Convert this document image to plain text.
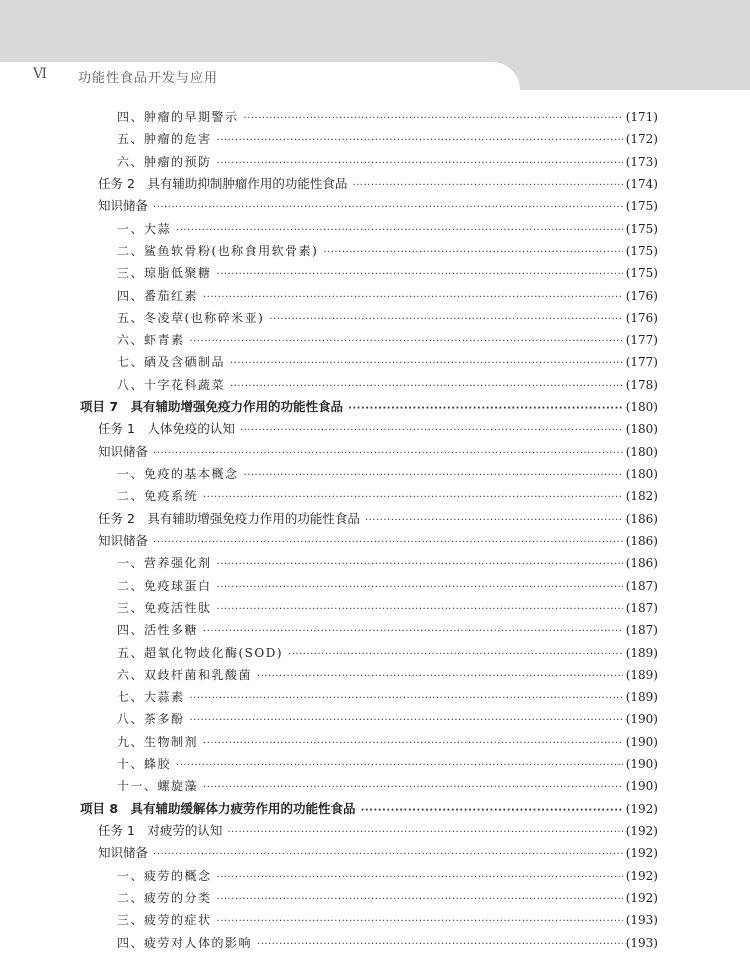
Ⅵ 功能性食品开发与应用
四、肿瘤的早期警示 ·····	(171)
五、肿瘤的危害 ·····	(172)
六、肿瘤的预防 ·····	(173)
任务 2　具有辅助抑制肿瘤作用的功能性食品 ·····	(174)
知识储备 ·····	(175)
一、大蒜 ·····	(175)
二、鲨鱼软骨粉(也称食用软骨素) ·····	(175)
三、琼脂低聚糖 ·····	(175)
四、番茄红素 ·····	(176)
五、冬凌草(也称碎米亚) ·····	(176)
六、虾青素 ·····	(177)
七、硒及含硒制品 ·····	(177)
八、十字花科蔬菜 ·····	(178)
项目 7　具有辅助增强免疫力作用的功能性食品 ·····	(180)
任务 1　人体免疫的认知 ·····	(180)
知识储备 ·····	(180)
一、免疫的基本概念 ·····	(180)
二、免疫系统 ·····	(182)
任务 2　具有辅助增强免疫力作用的功能性食品 ·····	(186)
知识储备 ·····	(186)
一、营养强化剂 ·····	(186)
二、免疫球蛋白 ·····	(187)
三、免疫活性肽 ·····	(187)
四、活性多糖 ·····	(187)
五、超氧化物歧化酶(SOD) ·····	(189)
六、双歧杆菌和乳酸菌 ·····	(189)
七、大蒜素 ·····	(189)
八、茶多酚 ·····	(190)
九、生物制剂 ·····	(190)
十、蜂胶 ·····	(190)
十一、螺旋藻 ·····	(190)
项目 8　具有辅助缓解体力疲劳作用的功能性食品 ·····	(192)
任务 1　对疲劳的认知 ·····	(192)
知识储备 ·····	(192)
一、疲劳的概念 ·····	(192)
二、疲劳的分类 ·····	(192)
三、疲劳的症状 ·····	(193)
四、疲劳对人体的影响 ·····	(193)
